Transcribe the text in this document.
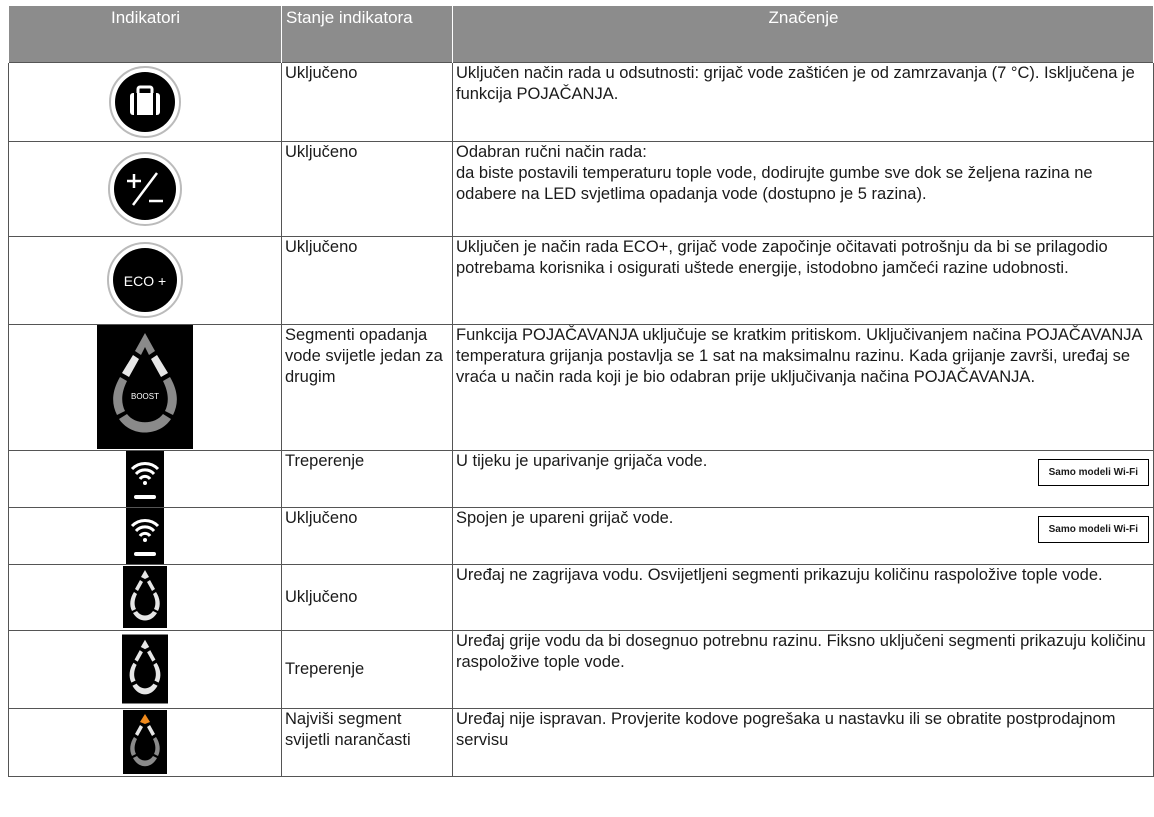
Indikatori	Stanje indikatora	Značenje
	Uključeno	Uključen način rada u odsutnosti: grijač vode zaštićen je od zamrzavanja (7 °C). Isključena je funkcija POJAČANJA.
	Uključeno	Odabran ručni način rada:
da biste postavili temperaturu tople vode, dodirujte gumbe sve dok se željena razina ne odabere na LED svjetlima opadanja vode (dostupno je 5 razina).

ECO +	Uključeno	Uključen je način rada ECO+, grijač vode započinje očitavati potrošnju da bi se prilagodio potrebama korisnika i osigurati uštede energije, istodobno jamčeći razine udobnosti.

BOOST	Segmenti opadanja vode svijetle jedan za drugim	Funkcija POJAČAVANJA uključuje se kratkim pritiskom. Uključivanjem načina POJAČAVANJA temperatura grijanja postavlja se 1 sat na maksimalnu razinu. Kada grijanje završi, uređaj se vraća u način rada koji je bio odabran prije uključivanja načina POJAČAVANJA.
	Treperenje	U tijeku je uparivanje grijača vode.
Samo modeli Wi-Fi

	Uključeno	Spojen je upareni grijač vode.
Samo modeli Wi-Fi

	Uključeno	Uređaj ne zagrijava vodu. Osvijetljeni segmenti prikazuju količinu raspoložive tople vode.
	Treperenje	Uređaj grije vodu da bi dosegnuo potrebnu razinu. Fiksno uključeni segmenti prikazuju količinu raspoložive tople vode.
	Najviši segment svijetli narančasti	Uređaj nije ispravan. Provjerite kodove pogrešaka u nastavku ili se obratite postprodajnom servisu
